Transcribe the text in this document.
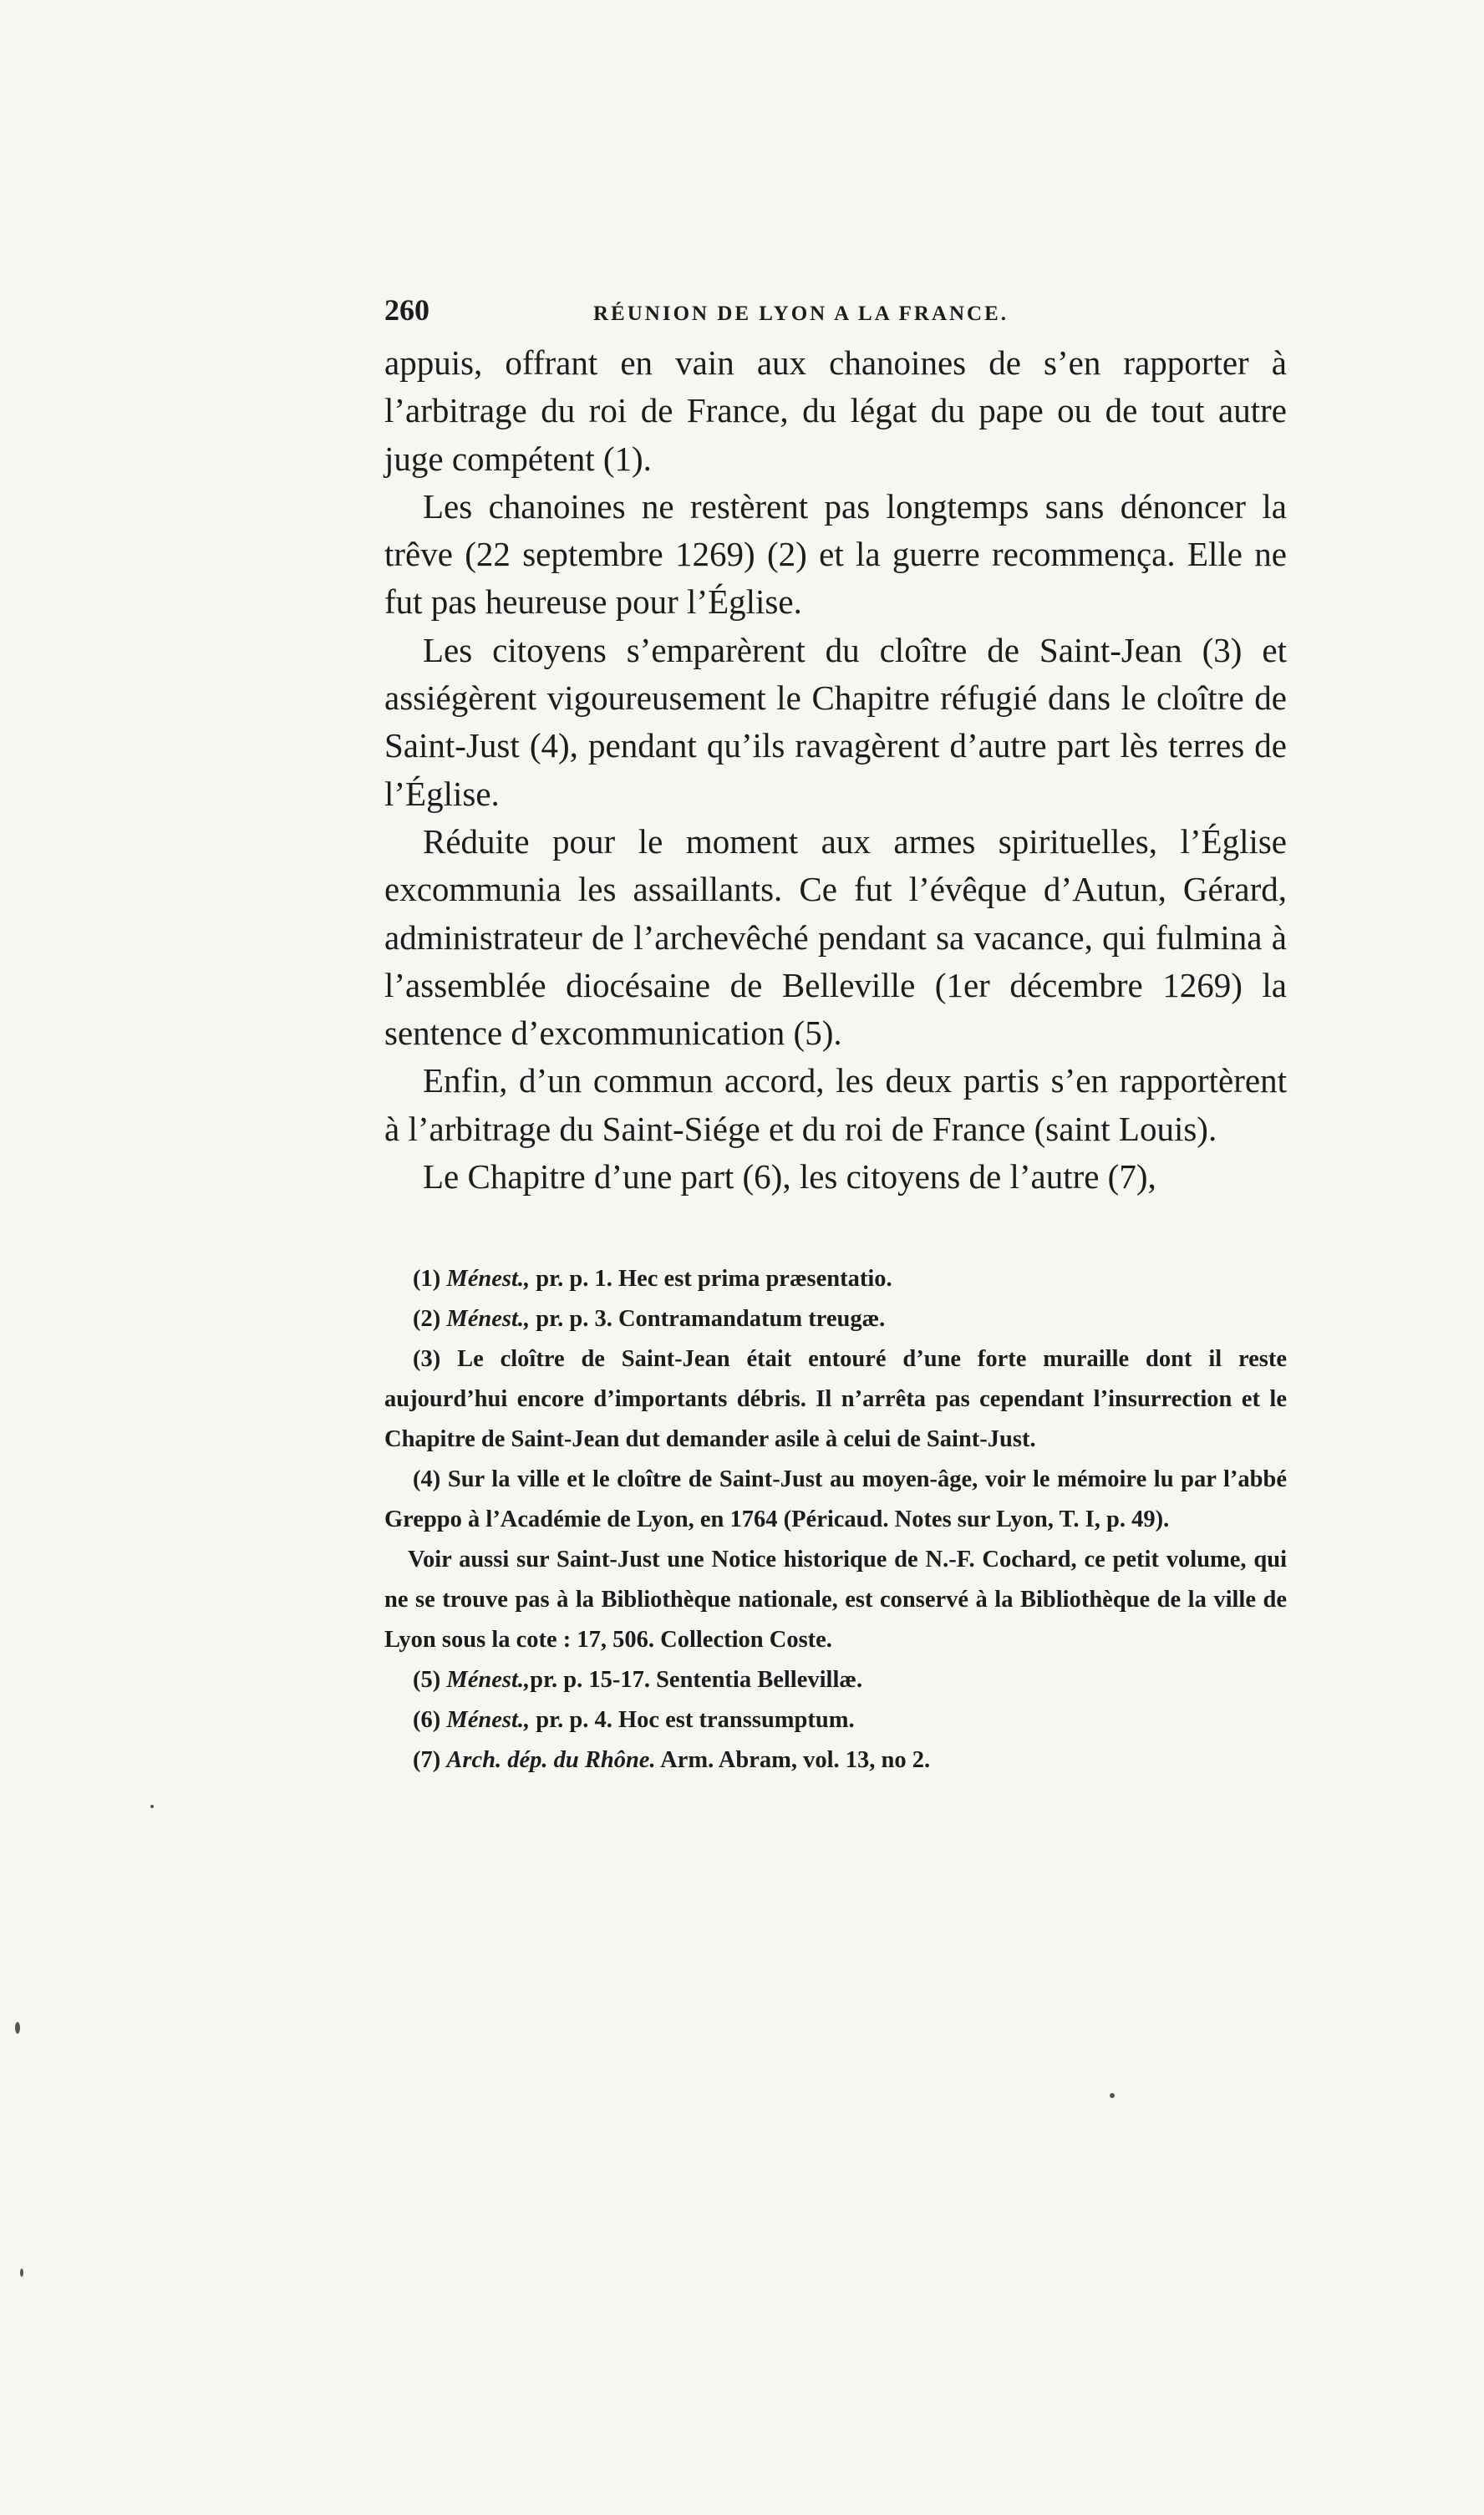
260	RÉUNION DE LYON A LA FRANCE.

appuis, offrant en vain aux chanoines de s’en rapporter à l’arbitrage du roi de France, du légat du pape ou de tout autre juge compétent (1).

Les chanoines ne restèrent pas longtemps sans dénoncer la trêve (22 septembre 1269) (2) et la guerre recommença. Elle ne fut pas heureuse pour l’Église.

Les citoyens s’emparèrent du cloître de Saint-Jean (3) et assiégèrent vigoureusement le Chapitre réfugié dans le cloître de Saint-Just (4), pendant qu’ils ravagèrent d’autre part lès terres de l’Église.

Réduite pour le moment aux armes spirituelles, l’Église excommunia les assaillants. Ce fut l’évêque d’Autun, Gérard, administrateur de l’archevêché pendant sa vacance, qui fulmina à l’assemblée diocésaine de Belleville (1er décembre 1269) la sentence d’excommunication (5).

Enfin, d’un commun accord, les deux partis s’en rapportèrent à l’arbitrage du Saint-Siége et du roi de France (saint Louis).

Le Chapitre d’une part (6), les citoyens de l’autre (7),

(1) Ménest., pr. p. 1. Hec est prima præsentatio.

(2) Ménest., pr. p. 3. Contramandatum treugæ.

(3) Le cloître de Saint-Jean était entouré d’une forte muraille dont il reste aujourd’hui encore d’importants débris. Il n’arrêta pas cependant l’insurrection et le Chapitre de Saint-Jean dut demander asile à celui de Saint-Just.

(4) Sur la ville et le cloître de Saint-Just au moyen-âge, voir le mémoire lu par l’abbé Greppo à l’Académie de Lyon, en 1764 (Péricaud. Notes sur Lyon, T. I, p. 49).

Voir aussi sur Saint-Just une Notice historique de N.-F. Cochard, ce petit volume, qui ne se trouve pas à la Bibliothèque nationale, est conservé à la Bibliothèque de la ville de Lyon sous la cote : 17, 506. Collection Coste.

(5) Ménest.,pr. p. 15-17. Sententia Bellevillæ.

(6) Ménest., pr. p. 4. Hoc est transsumptum.

(7) Arch. dép. du Rhône. Arm. Abram, vol. 13, no 2.
